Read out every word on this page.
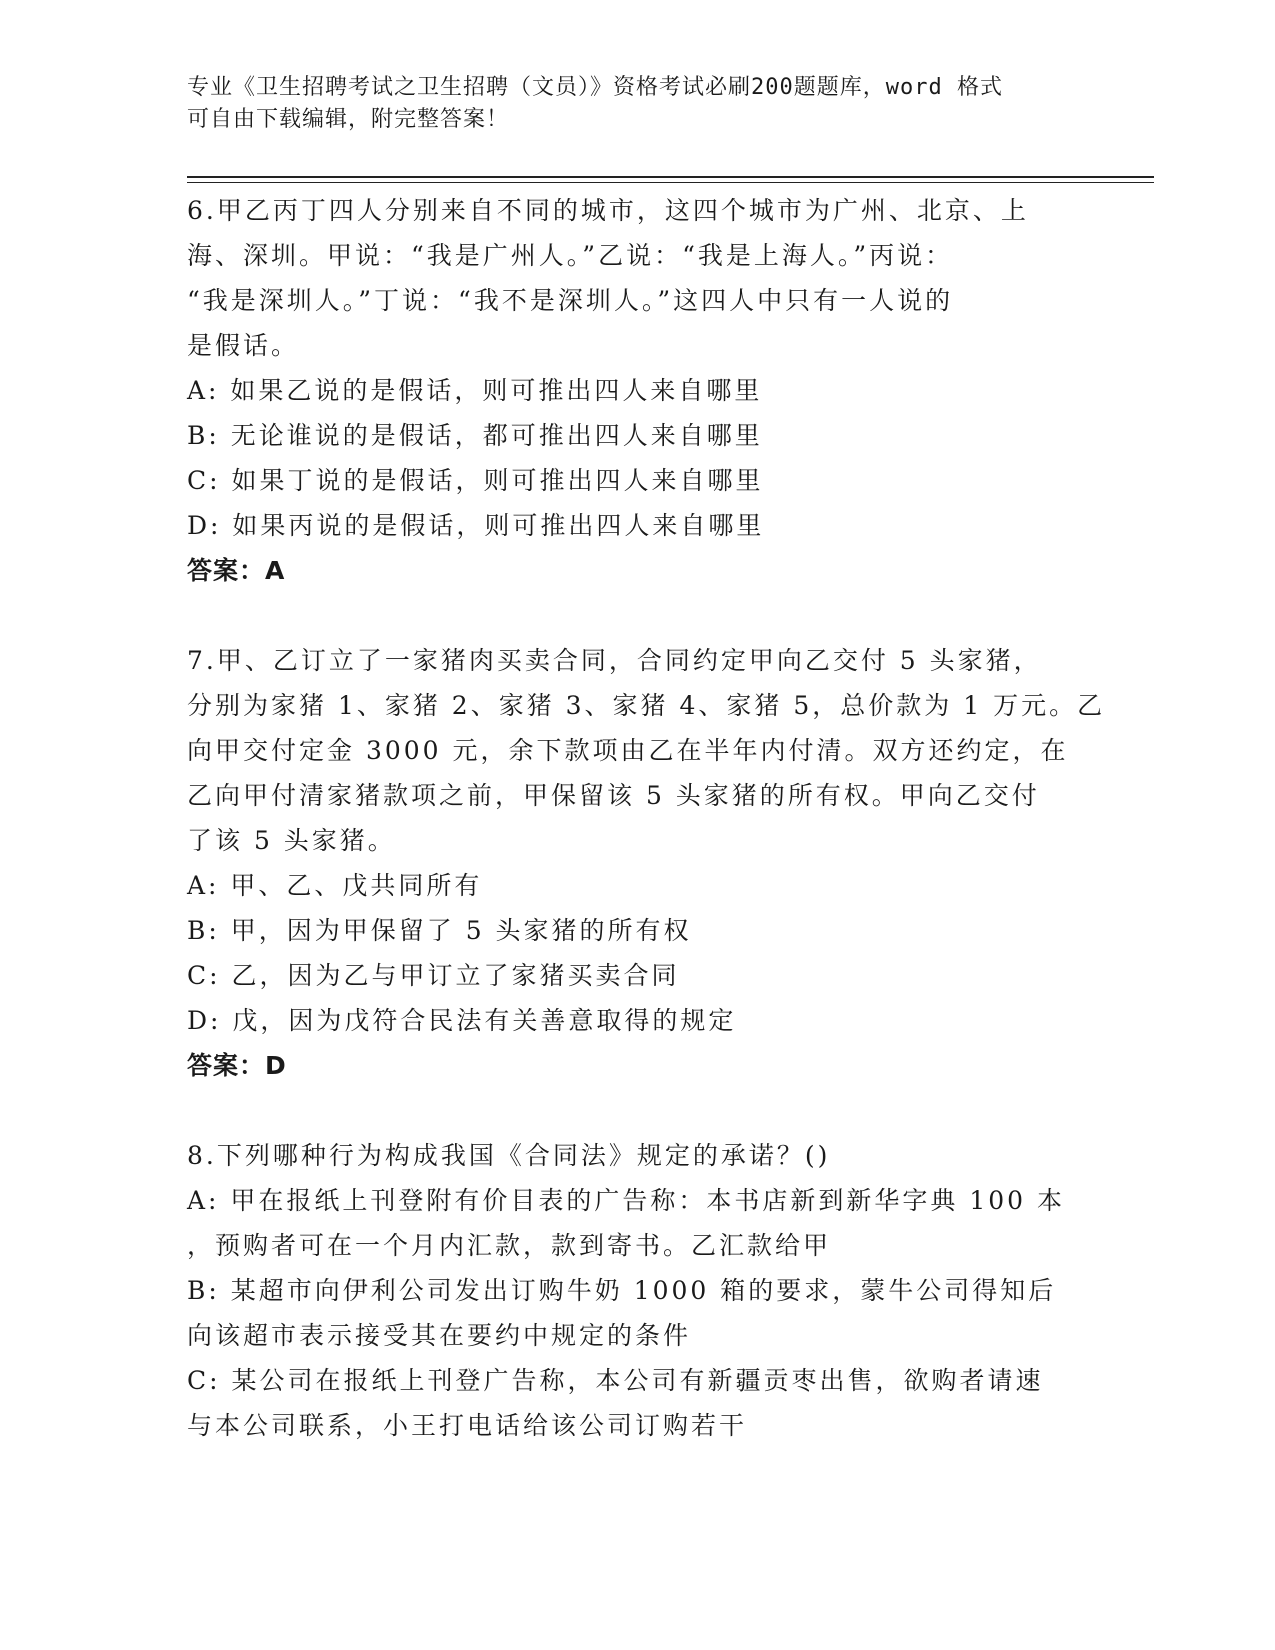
专业《卫生招聘考试之卫生招聘（文员）》资格考试必刷200题题库，word 格式
可自由下载编辑，附完整答案！
6.甲乙丙丁四人分别来自不同的城市，这四个城市为广州、北京、上
海、深圳。甲说：“我是广州人。”乙说：“我是上海人。”丙说：
“我是深圳人。”丁说：“我不是深圳人。”这四人中只有一人说的
是假话。
A: 如果乙说的是假话，则可推出四人来自哪里
B: 无论谁说的是假话，都可推出四人来自哪里
C: 如果丁说的是假话，则可推出四人来自哪里
D: 如果丙说的是假话，则可推出四人来自哪里
答案：A
7.甲、乙订立了一家猪肉买卖合同，合同约定甲向乙交付 5 头家猪，
分别为家猪 1、家猪 2、家猪 3、家猪 4、家猪 5，总价款为 1 万元。乙
向甲交付定金 3000 元，余下款项由乙在半年内付清。双方还约定，在
乙向甲付清家猪款项之前，甲保留该 5 头家猪的所有权。甲向乙交付
了该 5 头家猪。
A: 甲、乙、戊共同所有
B: 甲，因为甲保留了 5 头家猪的所有权
C: 乙，因为乙与甲订立了家猪买卖合同
D: 戊，因为戊符合民法有关善意取得的规定
答案：D
8.下列哪种行为构成我国《合同法》规定的承诺？()
A: 甲在报纸上刊登附有价目表的广告称：本书店新到新华字典 100 本
，预购者可在一个月内汇款，款到寄书。乙汇款给甲
B: 某超市向伊利公司发出订购牛奶 1000 箱的要求，蒙牛公司得知后
向该超市表示接受其在要约中规定的条件
C: 某公司在报纸上刊登广告称，本公司有新疆贡枣出售，欲购者请速
与本公司联系，小王打电话给该公司订购若干
